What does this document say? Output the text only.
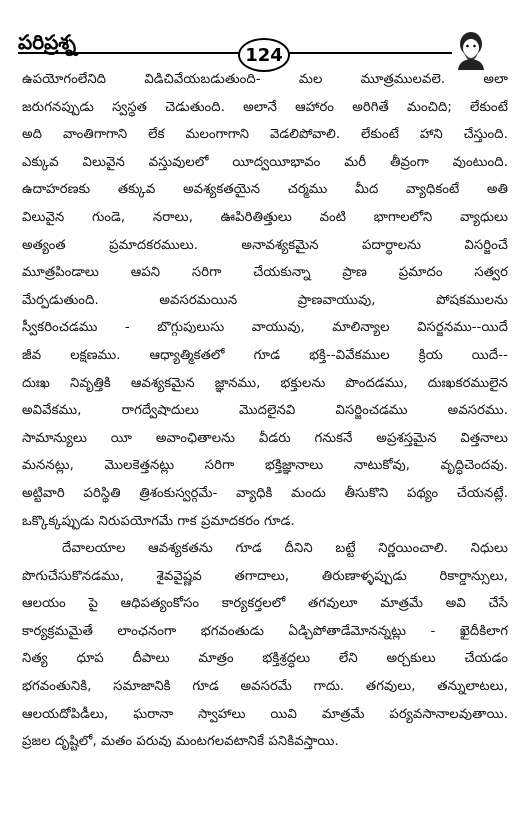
పరిప్రశ్న
124
ఉపయోగంలేనిది విడిచివేయబడుతుంది- మల మూత్రములవలె. అలా
జరుగనప్పుడు స్వస్థత చెడుతుంది. అలానే ఆహారం అరిగితే మంచిది; లేకుంటే
అది వాంతిగాగాని లేక మలంగాగాని వెడలిపోవాలి. లేకుంటే హాని చేస్తుంది.
ఎక్కువ విలువైన వస్తువులలో యీద్వయీభావం మరీ తీవ్రంగా వుంటుంది.
ఉదాహరణకు తక్కువ అవశ్యకతయైన చర్మము మీద వ్యాధికంటే అతి
విలువైన గుండె, నరాలు, ఊపిరితిత్తులు వంటి భాగాలలోని వ్యాధులు
అత్యంత ప్రమాదకరములు. అనావశ్యకమైన పదార్థాలను విసర్జించే
మూత్రపిండాలు ఆపని సరిగా చేయకున్నా ప్రాణ ప్రమాదం సత్వర
మేర్పడుతుంది. అవసరమయిన ప్రాణవాయువు, పోషకములను
స్వీకరించడము - బొగ్గుపులుసు వాయువు, మాలిన్యాల విసర్జనము--యిదే
జీవ లక్షణము. ఆధ్యాత్మికతలో గూడ భక్తి--వివేకముల క్రియ యిదే--
దుఃఖ నివృత్తికి ఆవశ్యకమైన జ్ఞానము, భక్తులను పొందడము, దుఃఖకరములైన
అవివేకము, రాగద్వేషాదులు మొదలైనవి విసర్జించడము అవసరము.
సామాన్యులు యీ అవాంఛితాలను వీడరు గనుకనే అప్రశస్తమైన విత్తనాలు
మననట్లు, మొలకెత్తనట్లు సరిగా భక్తిజ్ఞానాలు నాటుకోవు, వృద్ధిచెందవు.
అట్టివారి పరిస్థితి త్రిశంకుస్వర్గమే- వ్యాధికి మందు తీసుకొని పథ్యం చేయనట్లే.
ఒక్కొక్కప్పుడు నిరుపయోగమే గాక ప్రమాదకరం గూడ.
దేవాలయాల ఆవశ్యకతను గూడ దీనిని బట్టే నిర్ణయించాలి. నిధులు
పొగుచేసుకొనడము, శైవవైష్ణవ తగాదాలు, తిరుణాళ్ళప్పుడు రికార్డాన్సులు,
ఆలయం పై ఆధిపత్యంకోసం కార్యకర్తలలో తగవులూ మాత్రమే అవి చేసే
కార్యక్రమమైతే లాంఛనంగా భగవంతుడు ఏడ్చిపోతాడేమోనన్నట్లు - ఖైదీకిలాగ
నిత్య ధూప దీపాలు మాత్రం భక్తిశ్రద్ధలు లేని అర్చకులు చేయడం
భగవంతునికి, సమాజానికి గూడ అవసరమే గాదు. తగవులు, తన్నులాటలు,
ఆలయదోపిడీలు, ఘరానా స్వాహాలు యివి మాత్రమే పర్యవసానాలవుతాయి.
ప్రజల దృష్టిలో, మతం పరువు మంటగలవటానికే పనికివస్తాయి.
